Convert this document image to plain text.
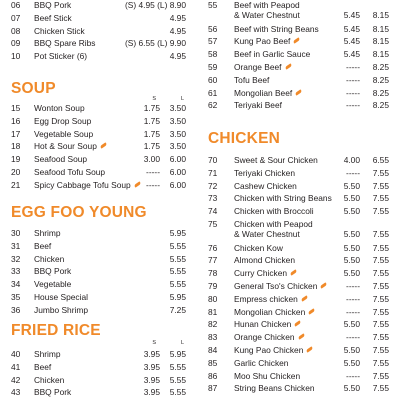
06 BBQ Pork	(S) 4.95 (L) 8.90
07 Beef Stick	4.95
08 Chicken Stick	4.95
09 BBQ Spare Ribs	(S) 6.55 (L) 9.90
10 Pot Sticker (6)	4.95
SOUP
S	L
15 Wonton Soup	1.75 3.50
16 Egg Drop Soup	1.75 3.50
17 Vegetable Soup	1.75 3.50
18 Hot & Sour Soup	1.75 3.50
19 Seafood Soup	3.00 6.00
20 Seafood Tofu Soup	----- 6.00
21 Spicy Cabbage Tofu Soup ----- 6.00
EGG FOO YOUNG
30 Shrimp	5.95
31 Beef	5.55
32 Chicken	5.55
33 BBQ Pork	5.55
34 Vegetable	5.55
35 House Special	5.95
36 Jumbo Shrimp	7.25
FRIED RICE
S	L
40 Shrimp	3.95 5.95
41 Beef	3.95 5.55
42 Chicken	3.95 5.55
43 BBQ Pork	3.95 5.55
55 Beef with Peapod
& Water Chestnut	5.45 8.15
56 Beef with String Beans	5.45 8.15
57 Kung Pao Beef	5.45 8.15
58 Beef in Garlic Sauce	5.45 8.15
59 Orange Beef	----- 8.25
60 Tofu Beef	----- 8.25
61 Mongolian Beef	----- 8.25
62 Teriyaki Beef	----- 8.25
CHICKEN
70 Sweet & Sour Chicken	4.00 6.55
71 Teriyaki Chicken	----- 7.55
72 Cashew Chicken	5.50 7.55
73 Chicken with String Beans 5.50 7.55
74 Chicken with Broccoli	5.50 7.55
75 Chicken with Peapod
& Water Chestnut	5.50 7.55
76 Chicken Kow	5.50 7.55
77 Almond Chicken	5.50 7.55
78 Curry Chicken	5.50 7.55
79 General Tso's Chicken	----- 7.55
80 Empress chicken	----- 7.55
81 Mongolian Chicken	----- 7.55
82 Hunan Chicken	5.50 7.55
83 Orange Chicken	----- 7.55
84 Kung Pao Chicken	5.50 7.55
85 Garlic Chicken	5.50 7.55
86 Moo Shu Chicken	----- 7.55
87 String Beans Chicken	5.50 7.55
